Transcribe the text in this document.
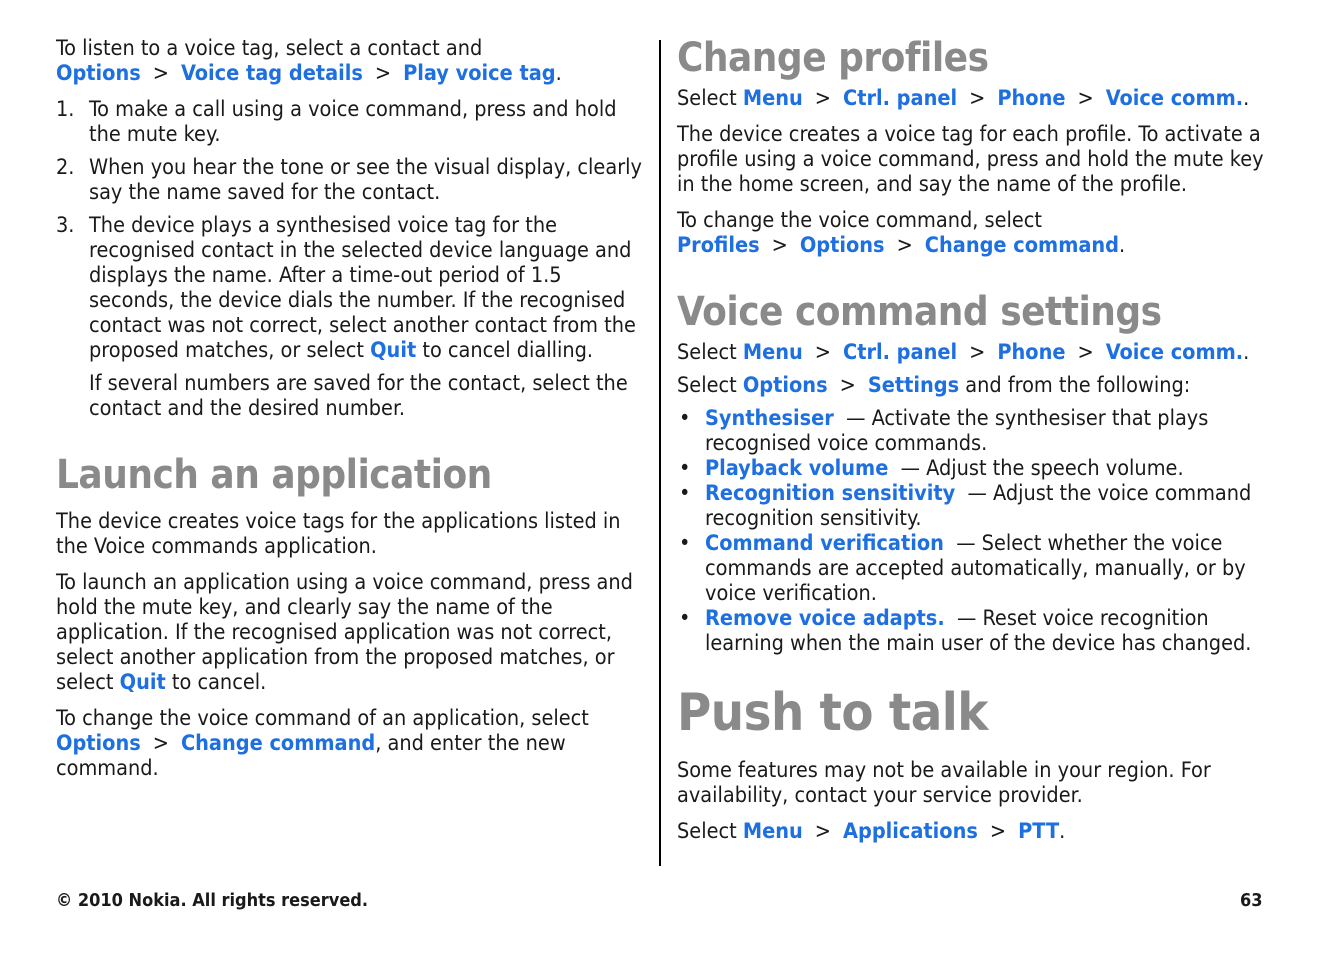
To listen to a voice tag, select a contact and Options > Voice tag details > Play voice tag.

1. To make a call using a voice command, press and hold the mute key.
2. When you hear the tone or see the visual display, clearly say the name saved for the contact.
3. The device plays a synthesised voice tag for the recognised contact in the selected device language and displays the name. After a time-out period of 1.5 seconds, the device dials the number. If the recognised contact was not correct, select another contact from the proposed matches, or select Quit to cancel dialling.

If several numbers are saved for the contact, select the contact and the desired number.

Launch an application

The device creates voice tags for the applications listed in the Voice commands application.

To launch an application using a voice command, press and hold the mute key, and clearly say the name of the application. If the recognised application was not correct, select another application from the proposed matches, or select Quit to cancel.

To change the voice command of an application, select Options > Change command, and enter the new command.

Change profiles

Select Menu > Ctrl. panel > Phone > Voice comm..

The device creates a voice tag for each profile. To activate a profile using a voice command, press and hold the mute key in the home screen, and say the name of the profile.

To change the voice command, select Profiles > Options > Change command.

Voice command settings

Select Menu > Ctrl. panel > Phone > Voice comm..

Select Options > Settings and from the following:

• Synthesiser — Activate the synthesiser that plays recognised voice commands.
• Playback volume — Adjust the speech volume.
• Recognition sensitivity — Adjust the voice command recognition sensitivity.
• Command verification — Select whether the voice commands are accepted automatically, manually, or by voice verification.
• Remove voice adapts. — Reset voice recognition learning when the main user of the device has changed.
Push to talk

Some features may not be available in your region. For availability, contact your service provider.

Select Menu > Applications > PTT.

© 2010 Nokia. All rights reserved.	63
